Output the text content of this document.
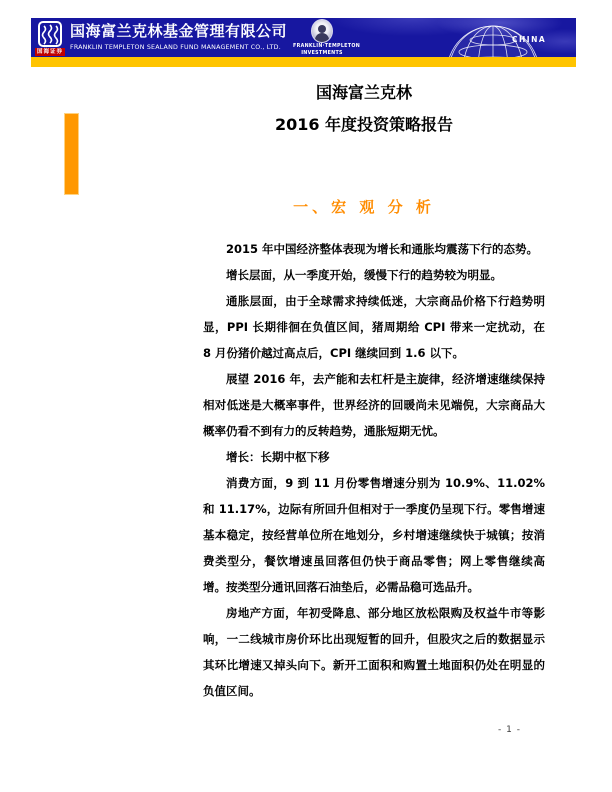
国海证券
国海富兰克林基金管理有限公司
FRANKLIN TEMPLETON SEALAND FUND MANAGEMENT CO., LTD.	FRANKLIN·TEMPLETON
INVESTMENTS
CHINA
国海富兰克林
2016 年度投资策略报告
一、宏 观 分 析

2015 年中国经济整体表现为增长和通胀均震荡下行的态势。

增长层面，从一季度开始，缓慢下行的趋势较为明显。

通胀层面，由于全球需求持续低迷，大宗商品价格下行趋势明显，PPI 长期徘徊在负值区间，猪周期给 CPI 带来一定扰动，在 8 月份猪价越过高点后，CPI 继续回到 1.6 以下。

展望 2016 年，去产能和去杠杆是主旋律，经济增速继续保持相对低迷是大概率事件，世界经济的回暖尚未见端倪，大宗商品大概率仍看不到有力的反转趋势，通胀短期无忧。

增长：长期中枢下移

消费方面，9 到 11 月份零售增速分别为 10.9%、11.02%和 11.17%，边际有所回升但相对于一季度仍呈现下行。零售增速基本稳定，按经营单位所在地划分，乡村增速继续快于城镇；按消费类型分，餐饮增速虽回落但仍快于商品零售；网上零售继续高增。按类型分通讯回落石油垫后，必需品稳可选品升。

房地产方面，年初受降息、部分地区放松限购及权益牛市等影响，一二线城市房价环比出现短暂的回升，但股灾之后的数据显示其环比增速又掉头向下。新开工面积和购置土地面积仍处在明显的负值区间。

- 1 -
